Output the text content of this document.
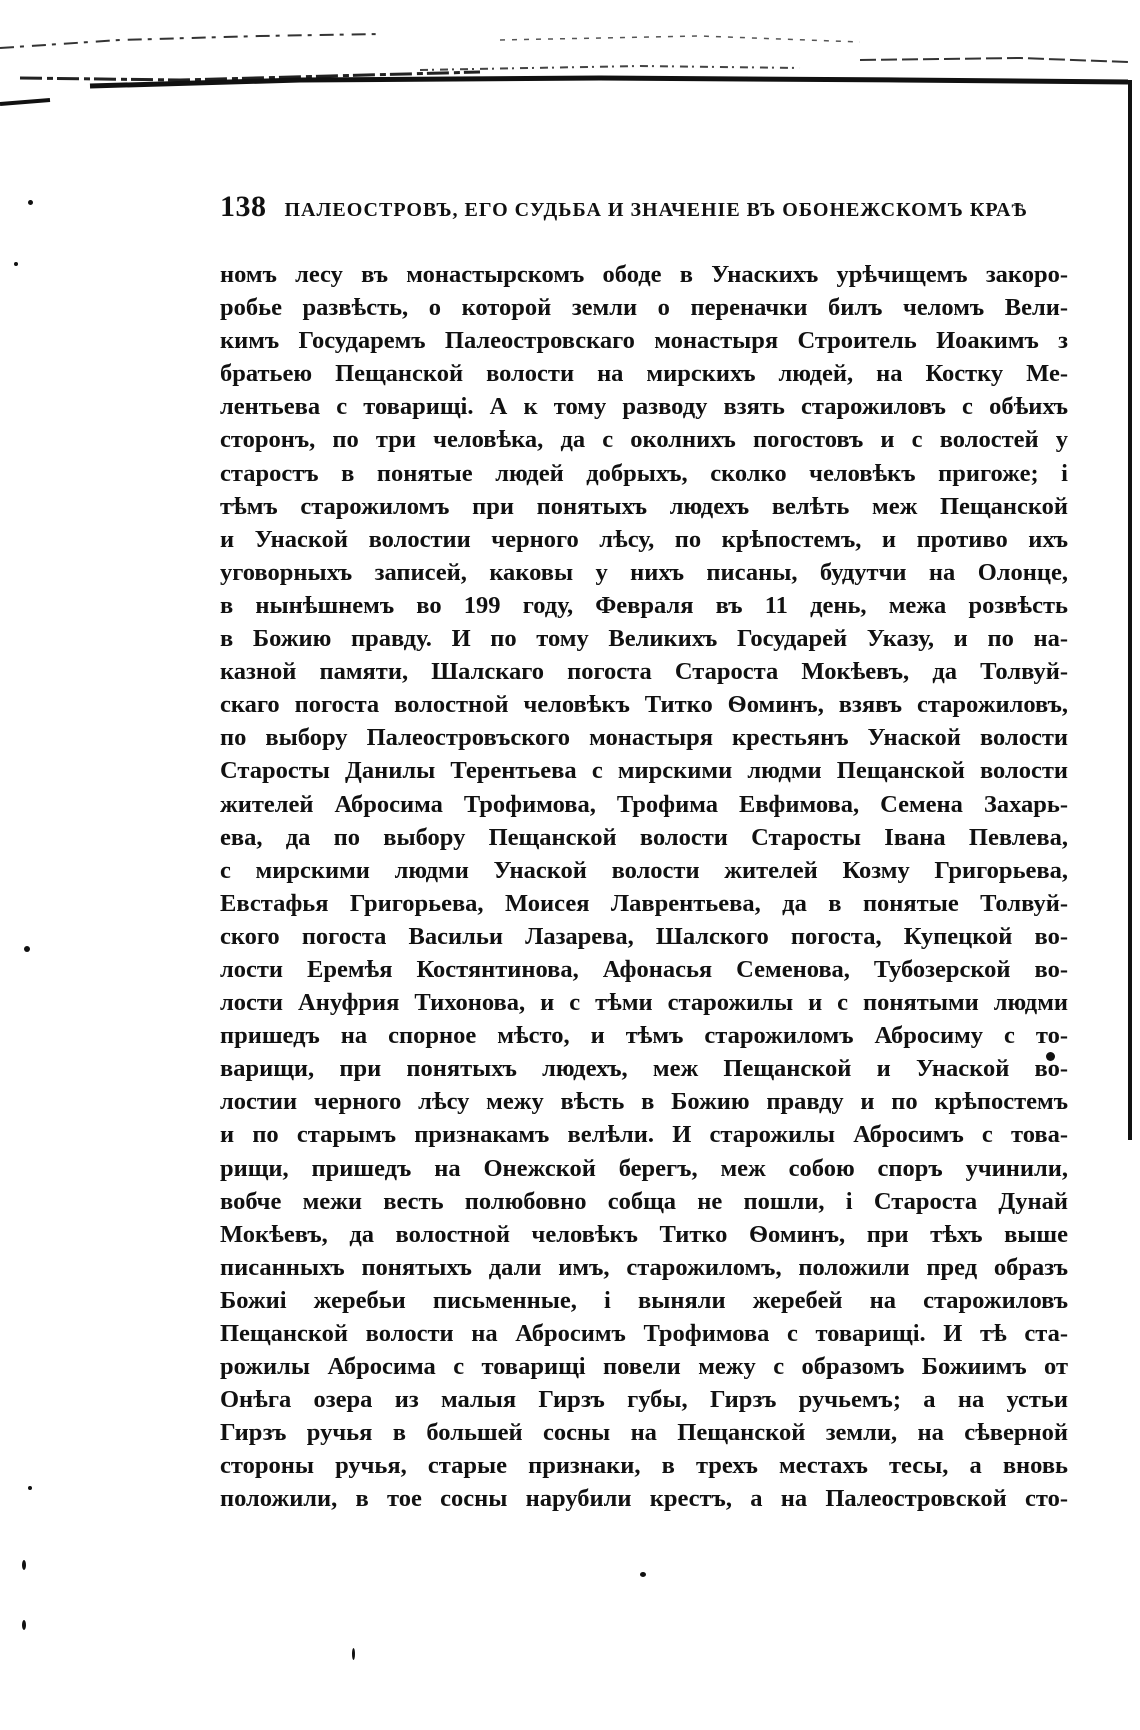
138 ПАЛЕОСТРОВЪ, ЕГО СУДЬБА И ЗНАЧЕНІЕ ВЪ ОБОНЕЖСКОМЪ КРАѢ

номъ лесу въ монастырскомъ ободе в Унаскихъ урѣчищемъ закоро-
робье развѣсть, о которой земли о переначки билъ челомъ Вели-
кимъ Государемъ Палеостровскаго монастыря Строитель Иоакимъ з
братьею Пещанской волости на мирскихъ людей, на Костку Ме-
лентьева с товарищі. А к тому разводу взять старожиловъ с обѣихъ
сторонъ, по три человѣка, да с околнихъ погостовъ и с волостей у
старостъ в понятые людей добрыхъ, сколко человѣкъ пригоже; і
тѣмъ старожиломъ при понятыхъ людехъ велѣть меж Пещанской
и Унаской волостии черного лѣсу, по крѣпостемъ, и противо ихъ
уговорныхъ записей, каковы у нихъ писаны, будутчи на Олонце,
в нынѣшнемъ во 199 году, Февраля въ 11 день, межа розвѣсть
в Божию правду. И по тому Великихъ Государей Указу, и по на-
казной памяти, Шалскаго погоста Староста Мокѣевъ, да Толвуй-
скаго погоста волостной человѣкъ Титко Ѳоминъ, взявъ старожиловъ,
по выбору Палеостровъского монастыря крестьянъ Унаской волости
Старосты Данилы Терентьева с мирскими людми Пещанской волости
жителей Абросима Трофимова, Трофима Евфимова, Семена Захарь-
ева, да по выбору Пещанской волости Старосты Івана Певлева,
с мирскими людми Унаской волости жителей Козму Григорьева,
Евстафья Григорьева, Моисея Лаврентьева, да в понятые Толвуй-
ского погоста Васильи Лазарева, Шалского погоста, Купецкой во-
лости Еремѣя Костянтинова, Афонасья Семенова, Тубозерской во-
лости Ануфрия Тихонова, и с тѣми старожилы и с понятыми людми
пришедъ на спорное мѣсто, и тѣмъ старожиломъ Абросиму с то-
варищи, при понятыхъ людехъ, меж Пещанской и Унаской во-
лостии черного лѣсу межу вѣсть в Божию правду и по крѣпостемъ
и по старымъ признакамъ велѣли. И старожилы Абросимъ с това-
рищи, пришедъ на Онежской берегъ, меж собою споръ учинили,
вобче межи весть полюбовно собща не пошли, і Староста Дунай
Мокѣевъ, да волостной человѣкъ Титко Ѳоминъ, при тѣхъ выше
писанныхъ понятыхъ дали имъ, старожиломъ, положили пред образъ
Божиі жеребьи письменные, і выняли жеребей на старожиловъ
Пещанской волости на Абросимъ Трофимова с товарищі. И тѣ ста-
рожилы Абросима с товарищі повели межу с образомъ Божиимъ от
Онѣга озера из малыя Гирзъ губы, Гирзъ ручьемъ; а на устьи
Гирзъ ручья в большей сосны на Пещанской земли, на сѣверной
стороны ручья, старые признаки, в трехъ местахъ тесы, а вновь
положили, в тое сосны нарубили крестъ, а на Палеостровской сто-
